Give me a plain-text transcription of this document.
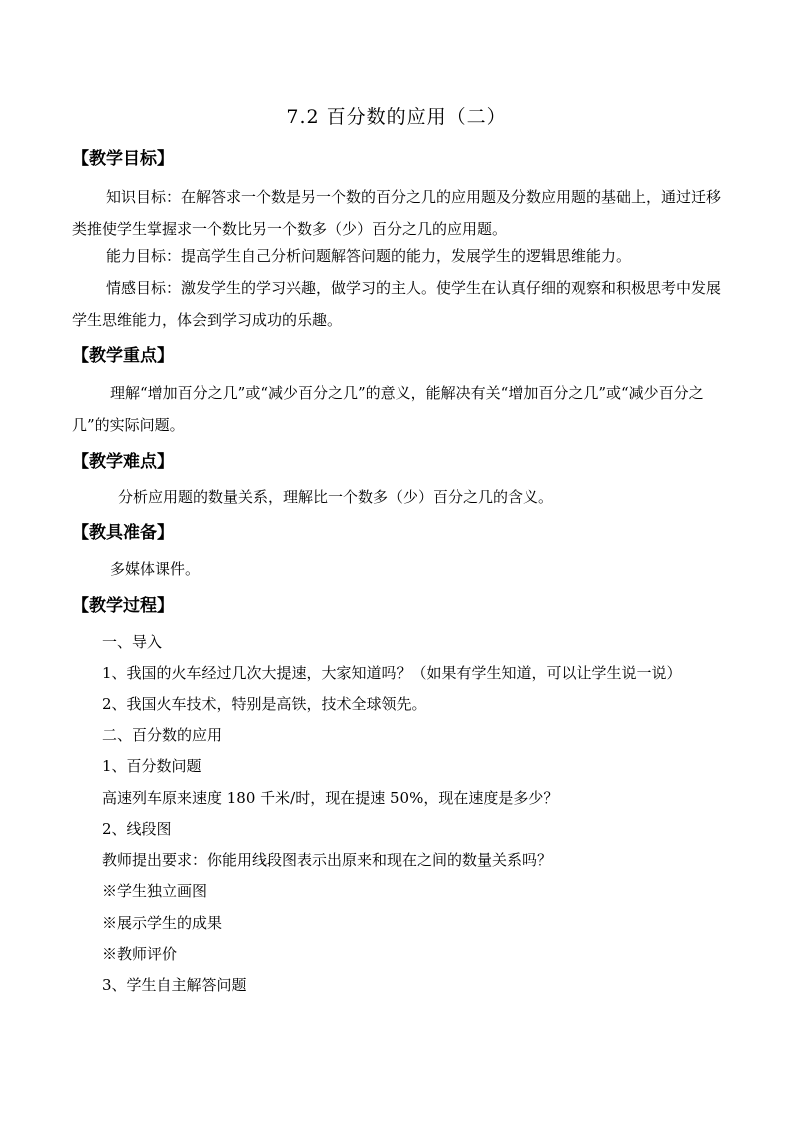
7.2 百分数的应用（二）
【教学目标】
知识目标：在解答求一个数是另一个数的百分之几的应用题及分数应用题的基础上，通过迁移类推使学生掌握求一个数比另一个数多（少）百分之几的应用题。
能力目标：提高学生自己分析问题解答问题的能力，发展学生的逻辑思维能力。
情感目标：激发学生的学习兴趣，做学习的主人。使学生在认真仔细的观察和积极思考中发展学生思维能力，体会到学习成功的乐趣。
【教学重点】
理解“增加百分之几”或“减少百分之几”的意义，能解决有关“增加百分之几”或“减少百分之几”的实际问题。
【教学难点】
分析应用题的数量关系，理解比一个数多（少）百分之几的含义。
【教具准备】
多媒体课件。
【教学过程】
一、导入
1、我国的火车经过几次大提速，大家知道吗？（如果有学生知道，可以让学生说一说）
2、我国火车技术，特别是高铁，技术全球领先。
二、百分数的应用
1、百分数问题
高速列车原来速度 180 千米/时，现在提速 50%，现在速度是多少？
2、线段图
教师提出要求：你能用线段图表示出原来和现在之间的数量关系吗？
※学生独立画图
※展示学生的成果
※教师评价
3、学生自主解答问题
